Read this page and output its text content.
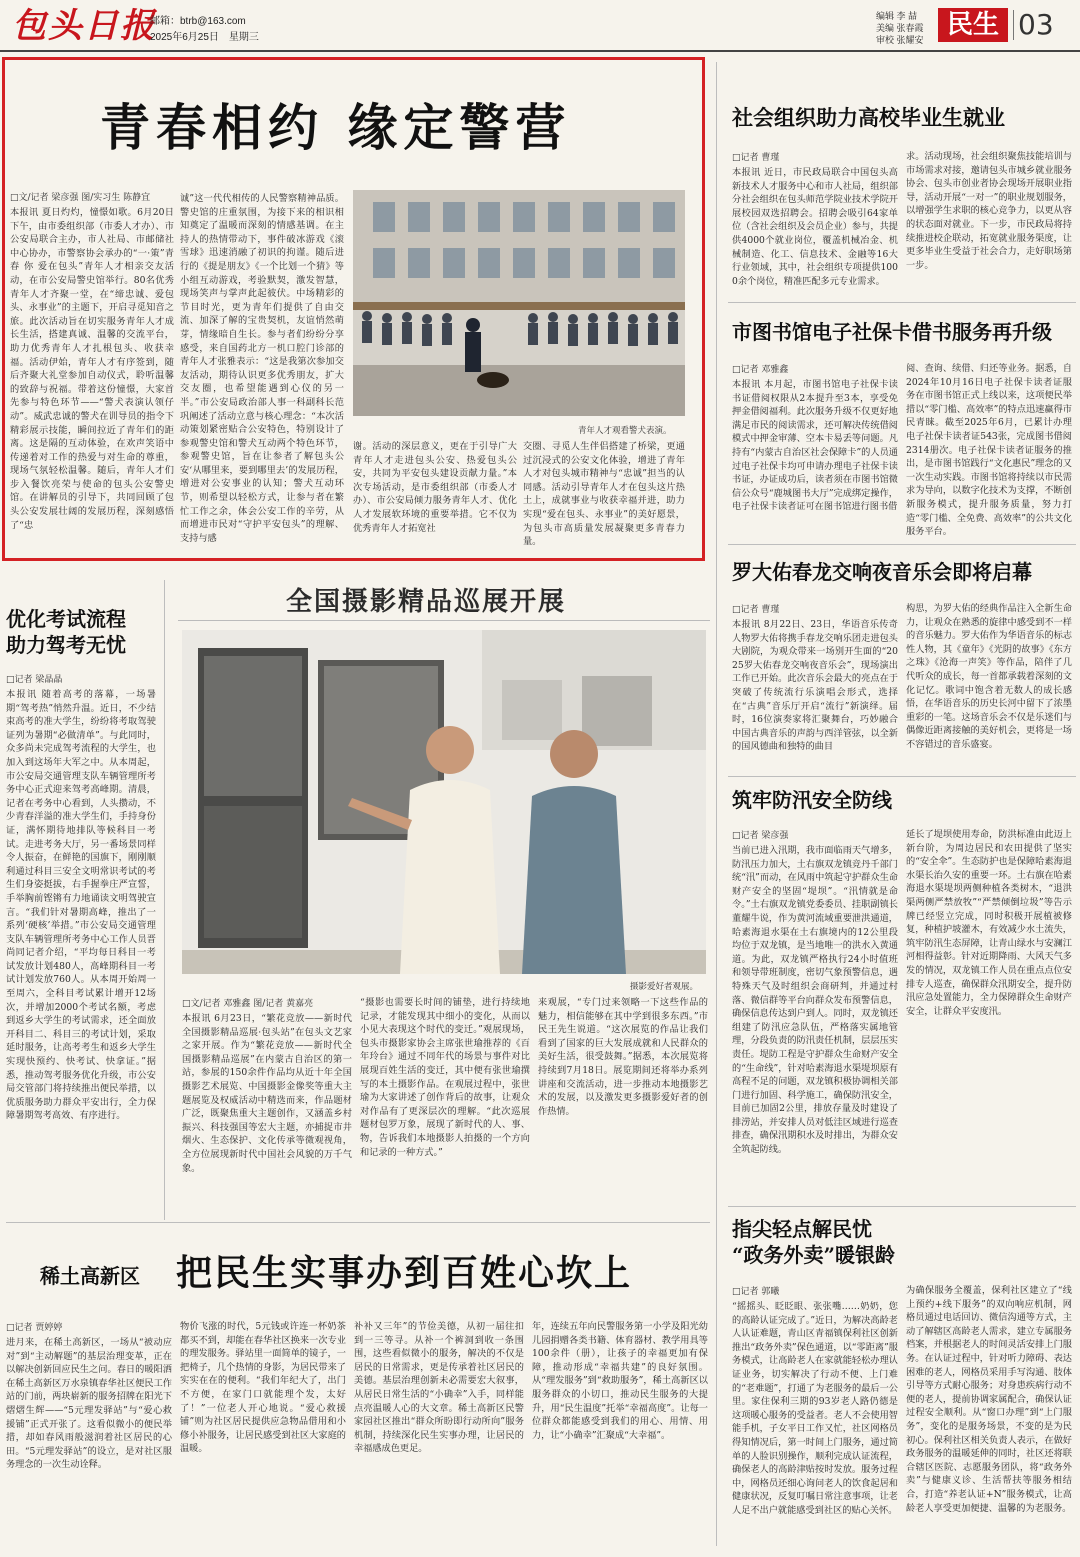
包头日报
邮箱：btrb@163.com
2025年6月25日　星期三
编辑 李 喆
美编 张春霞
审校 张耀安 民生 03
青春相约 缘定警营
□文/记者 梁彦强 图/实习生 陈静宜
本报讯 夏日灼灼，憧憬如歌。6月20日下午，由市委组织部（市委人才办）、市公安局联合主办，市人社局、市邮储社中心协办，市警察协会承办的“一·策”青春 你 爱在包头”青年人才相亲交友活动，在市公安局警史馆举行。80名优秀青年人才齐聚一堂，在“缔忠诚、爱包头、永事业”的主题下，开启寻觅知音之旅。此次活动旨在切实服务青年人才成长生活，搭建真诚、温馨的交流平台，助力优秀青年人才扎根包头、收获幸福。活动伊始，青年人才有序签到，随后齐聚大礼堂参加自动仪式，聆听温馨的致辞与祝福。带着这份憧憬，大家首先参与特色环节——“警犬表演认领仔动”。威武忠诚的警犬在训导员的指令下精彩展示技能，瞬间拉近了青年们的距离。这是隔的互动体验，在欢声笑语中传递着对工作的热爱与对生命的尊重，现场气氛轻松温馨。随后，青年人才们步入餐饮亮荣与使命的包头公安警史馆。在讲解员的引导下，共同回顾了包头公安发展壮阔的发展历程，深刻感悟了“忠
诚”这一代代相传的人民警察精神品质。警史馆的庄重氛围，为接下来的相识相知奠定了温暖而深刻的情感基调。在主持人的热情带动下，事件破冰游戏《滚雪球》迅速消融了初识的拘谨。随后进行的《提是朋友》《一个比划一个猜》等小组互动游戏，考验默契，激发智慧，现场笑声与掌声此起彼伏。中场精彩的节目时光，更为青年们提供了自由交流、加深了解的宝贵契机，友谊悄然萌芽，情缘暗自生长。参与者们纷纷分享感受，来自国药北方一机口腔门诊部的青年人才张雅表示：“这是我第次参加交友活动，期待认识更多优秀朋友，扩大交友圈，也希望能遇到心仪的另一半。”市公安局政治部人事一科副科长范巩阐述了活动立意与核心理念：“本次活动策划紧密贴合公安特色，特别设计了参观警史馆和警犬互动两个特色环节，参观警史馆，旨在让参者了解包头公安‘从哪里来，要到哪里去’的发展历程，增进对公安事业的认知；警犬互动环节，则希望以轻松方式，让参与者在繁忙工作之余，体会公安工作的辛劳，从而增进市民对“守护平安包头”的理解、支持与感
青年人才观看警犬表演。
谢。活动的深层意义，更在于引导广大青年人才走进包头公安、热爱包头公安，共同为平安包头建设贡献力量。”本次专场活动，是市委组织部（市委人才办）、市公安局倾力服务青年人才、优化人才发展软环境的重要举措。它不仅为优秀青年人才拓宽社
交圈、寻觅人生伴侣搭建了桥梁，更通过沉浸式的公安文化体验，增进了青年人才对包头城市精神与“忠诚”担当的认同感。活动引导青年人才在包头这片热土上，成就事业与收获幸福并进，助力实现“爱在包头、永事业”的美好愿景，为包头市高质量发展凝聚更多青春力量。
社会组织助力高校毕业生就业
□记者 曹瑾
本报讯 近日，市民政局联合中国包头高新技术人才服务中心和市人社局，组织部分社会组织在包头师范学院业技术学院开展校园双选招聘会。招聘会吸引64家单位（含社会组织及会员企业）参与，共提供4000个就业岗位，覆盖机械冶金、机械制造、化工、信息技术、金融等16大行业领域，其中，社会组织专项提供1000余个岗位，精准匹配多元专业需求。
求。活动现场，社会组织聚焦技能培训与市场需求对接，邀请包头市城乡就业服务协会、包头市创业者协会现场开展职业指导，活动开展“一对一”的职业规划服务，以增强学生求职的核心竞争力，以更从容的状态面对就业。下一步，市民政局将持续推进校企联动，拓宽就业服务渠度，让更多毕业生受益于社会合力，走好职场第一步。
市图书馆电子社保卡借书服务再升级
□记者 邓雅鑫
本报讯 本月起，市图书馆电子社保卡读书证借阅权限从2本提升至3本，享受免押金借阅福利。此次服务升级不仅更好地满足市民的阅读需求，还可解决传统借阅模式中押金审薄、空本卡易丢等问题。凡持有“内蒙古自治区社会保障卡”的人员通过电子社保卡均可申请办理电子社保卡读书证，办证成功后，读者须在市图书馆微信公众号“鹿城图书大厅”完成绑定操作，电子社保卡读者证可在图书馆进行图书借
阅、查询、续借、归还等业务。据悉，自2024年10月16日电子社保卡读者证服务在市图书馆正式上线以来，这项便民举措以“零门槛、高效率”的特点迅速赢得市民青睐。截至2025年6月，已累计办理电子社保卡读者证543张，完成图书借阅2314册次。电子社保卡读者证服务的推出，是市图书馆践行“文化惠民”理念的又一次生动实践。市图书馆将持续以市民需求为导向，以数字化技术为支撑，不断创新服务模式，提升服务质量，努力打造“零门槛、全免费、高效率”的公共文化服务平台。
罗大佑春龙交响夜音乐会即将启幕
□记者 曹瑾
本报讯 8月22日、23日，华语音乐传奇人物罗大佑将携手春龙交响乐团走进包头大剧院，为观众带来一场别开生面的“2025罗大佑春龙交响夜音乐会”，现场演出工作已开始。此次音乐会最大的亮点在于突破了传统流行乐演唱会形式，选择在“古典”音乐厅开启“流行”新演绎。届时，16位演奏家将汇聚舞台，巧妙融合中国古典音乐的声韵与西洋管弦，以全新的国风德曲和独特的曲目
构思，为罗大佑的经典作品注入全新生命力，让观众在熟悉的旋律中感受到不一样的音乐魅力。罗大佑作为华语音乐的标志性人物，其《童年》《光阴的故事》《东方之珠》《沧海一声笑》等作品，陪伴了几代听众的成长，每一首都承载着深刻的文化记忆。歌词中饱含着无数人的成长感悟，在华语音乐的历史长河中留下了浓墨重彩的一笔。这场音乐会不仅是乐迷们与偶像近距离接触的美好机会，更将是一场不容错过的音乐盛宴。
筑牢防汛安全防线
□记者 梁彦强
当前已进入汛期，我市面临雨天气增多，防汛压力加大，土右旗双龙镇竞丹千部门统“汛”而动，在风雨中筑起守护群众生命财产安全的坚固“堤坝”。“汛情就是命令。”土右旗双龙镇党委委员、挂职副镇长董耀牛说，作为黄河流域重要泄洪通道，哈素海退水渠在土右旗境内的12公里段均位于双龙镇，是当地唯一的洪水入黄通道。为此，双龙镇严格执行24小时值班和领导带班制度，密切气象预警信息，遇特殊天气及时组织会商研判，并通过村落、微信群等平台向群众发布预警信息，确保信息传达到户到人。同时，双龙镇还组建了防汛应急队伍，严格落实属地管理，分段负责的防汛责任机制，层层压实责任。堤防工程是守护群众生命财产安全的“生命线”，针对哈素海退水渠堤坝原有高程不足的问题，双龙镇积极协调相关部门进行加固、科学施工，确保防汛安全，目前已加固2公里，排放存量及时建设了排涝站，并安排人员对低洼区域进行巡查排查，确保汛期积水及时排出，为群众安全筑起防线。
延长了堤坝使用寿命，防洪标准由此迈上新台阶，为周边居民和农田提供了坚实的“安全伞”。生态防护也是保障哈素海退水渠长治久安的重要一环。土右旗在哈素海退水渠堤坝两侧种植各类树木，“退洪渠两侧严禁放牧”“严禁倾倒垃圾”等告示牌已经竖立完成，同时积极开展植被修复，种植护坡灌木，有效减少水土流失，筑牢防汛生态屏障，让青山绿水与安澜江河相得益彰。针对近期降雨、大风天气多发的情况，双龙镇工作人员在重点点位安排专人巡查，确保群众汛期安全，提升防汛应急处置能力，全力保障群众生命财产安全，让群众平安度汛。
指尖轻点解民忧
“政务外卖”暖银龄
□记者 郭曦
“摇摇头、眨眨眼、张张嘴……奶奶，您的高龄认证完成了。”近日，为解决高龄老人认证难题，青山区青福镇保利社区创新推出“政务外卖”保色通道，以“零距离”服务模式，让高龄老人在家就能轻松办理认证业务，切实解决了行动不便、上门难的“老难题”，打通了为老服务的最后一公里。家住保利三期的93岁老人路仍德是这项暖心服务的受益者。老人不会使用智能手机，子女平日工作又忙，社区网格员得知情况后，第一时间上门服务，通过简单的人脸识别操作，顺利完成认证流程，确保老人的高龄津贴按时发放。服务过程中，网格员还细心询问老人的饮食起居和健康状况，反复叮嘱日常注意事项，让老人足不出户就能感受到社区的贴心关怀。
为确保服务全覆盖，保利社区建立了“线上预约+线下服务”的双向响应机制，网格员通过电话回访、微信沟通等方式，主动了解辖区高龄老人需求，建立专属服务档案，并根据老人的时间灵活安排上门服务。在认证过程中，针对听力障碍、表达困难的老人，网格员采用手写沟通、肢体引导等方式耐心服务；对身患疾病行动不便的老人，提前协调家属配合，确保认证过程安全顺利。从“窗口办理”到“上门服务”，变化的是服务场景，不变的是为民初心。保利社区相关负责人表示，在做好政务服务的温暖延伸的同时，社区还将联合辖区医院、志愿服务团队，将“政务外卖”与健康义诊、生活帮扶等服务相结合，打造“养老认证+N”服务模式，让高龄老人享受更加便捷、温馨的为老服务。
优化考试流程
助力驾考无忧
□记者 梁晶晶
本报讯 随着高考的落幕，一场暑期“驾考热”悄然升温。近日，不少结束高考的准大学生，纷纷将考取驾驶证列为暑期“必做清单”。与此同时，众多尚未完成驾考流程的大学生，也加入到这场年大军之中。从本周起，市公安局交通管理支队车辆管理所考务中心正式迎来驾考高峰期。清晨，记者在考务中心看到，人头攒动，不少青春洋溢的准大学生们，手持身份证，满怀期待地排队等候科目一考试。走进考务大厅，另一番场景同样令人振奋，在鲜艳的国旗下，刚刚顺利通过科目三安全文明常识考试的考生们身姿挺拔，右手握拳庄严宣誓，手举胸前铿锵有力地诵读文明驾驶宣言。“我们针对暑期高峰，推出了一系列‘硬核’举措。”市公安局交通管理支队车辆管理所考务中心工作人员晋尚同记者介绍，“平均每日科目一考试发放计划480人，高峰期科目一考试计划发放760人。从本周开始周一至周六，全科目考试累计增开12场次，并增加2000个考试名额，考虑到返乡大学生的考试需求，还全面放开科目二、科目三的考试计划，采取延时服务，让高考考生和返乡大学生实现快预约、快考试、快拿证。”据悉，推动驾考服务优化升级，市公安局交管部门将持续推出便民举措，以优质服务助力群众平安出行，全力保障暑期驾考高效、有序进行。
全国摄影精品巡展开展
摄影爱好者观展。
□文/记者 邓雅鑫 图/记者 黄嘉亮
本报讯 6月23日，“繁花竞放——新时代全国摄影精品巡展·包头站”在包头文艺家之家开展。作为“繁花竞放——新时代全国摄影精品巡展”在内蒙古自治区的第一站，参展的150余件作品均从近十年全国摄影艺术展览、中国摄影金像奖等重大主题展览及权威活动中精选而来，作品题材广泛，既聚焦重大主题创作，又涵盖乡村振兴、科技强国等宏大主题，亦捕捉市井烟火、生态保护、文化传承等微观视角，全方位展现新时代中国社会风貌的万千气象。
“摄影也需要长时间的铺垫，进行持续地记录，才能发现其中细小的变化，从而以小见大表现这个时代的变迁。”观展现场，包头市摄影家协会主席张世瑜推荐的《百年玲台》通过不同年代的场景与事件对比展现百姓生活的变迁，其中便有张世瑜撰写的本土摄影作品。在观展过程中，张世瑜为大家讲述了创作背后的故事，让观众对作品有了更深层次的理解。“此次巡展题材包罗万象，展现了新时代的人、事、物，告诉我们本地摄影人拍摄的一个方向和记录的一种方式。”
来观展，“专门过来领略一下这些作品的魅力，相信能够在其中学到很多东西。”市民王先生说道。“这次展览的作品让我们看到了国家的巨大发展成就和人民群众的美好生活，很受鼓舞。”据悉，本次展览将持续到7月18日。展览期间还将举办系列讲座和交流活动，进一步推动本地摄影艺术的发展，以及激发更多摄影爱好者的创作热情。
稀土高新区 把民生实事办到百姓心坎上
□记者 贾婷婷
进月来，在稀土高新区，一场从“被动应对”到“主动解题”的基层治理变革，正在以解决创新回应民生之问。春日的暖阳洒在稀土高新区万水泉镇春华社区便民工作站的门前，两块崭新的服务招牌在阳光下熠熠生辉——“5元理发驿站”与“爱心救援铺”正式开张了。这看似微小的便民举措，却如春风雨般滋润着社区居民的心田。“5元理发驿站”的设立，是对社区服务理念的一次生动诠释。
物价飞涨的时代，5元钱或许连一杯奶茶都买不到，却能在春华社区换来一次专业的理发服务。驿站里一面简单的镜子，一把椅子，几个热情的身影，为居民带来了实实在在的便利。“我们年纪大了，出门不方便，在家门口就能理个发，太好了！”一位老人开心地说。“爱心救援铺”则为社区居民提供应急物品借用和小修小补服务，让居民感受到社区大家庭的温暖。
补补又三年”的节俭美德，从初一届往扣到一三等寻。从补一个裤洞到收一条围围，这些看似微小的服务，解决的不仅是居民的日常需求，更是传承着社区居民的美德。基层治理创新未必需要宏大叙事，从居民日常生活的“小确幸”入手，同样能点亮温暖人心的大文章。稀土高新区民警家园社区推出“群众所盼即行动所向”服务机制，持续深化民生实事办理，让居民的幸福感成色更足。
年，连续五年向民警服务第一小学及阳光幼儿园捐赠各类书籍、体育器材、教学用具等100余件（册），让孩子的幸福更加有保障，推动形成“幸福共建”的良好氛围。从“理发服务”到“救助服务”，稀土高新区以服务群众的小切口，推动民生服务的大提升，用“民生温度”托举“幸福高度”。让每一位群众都能感受到我们的用心、用情、用力，让“小确幸”汇聚成“大幸福”。
